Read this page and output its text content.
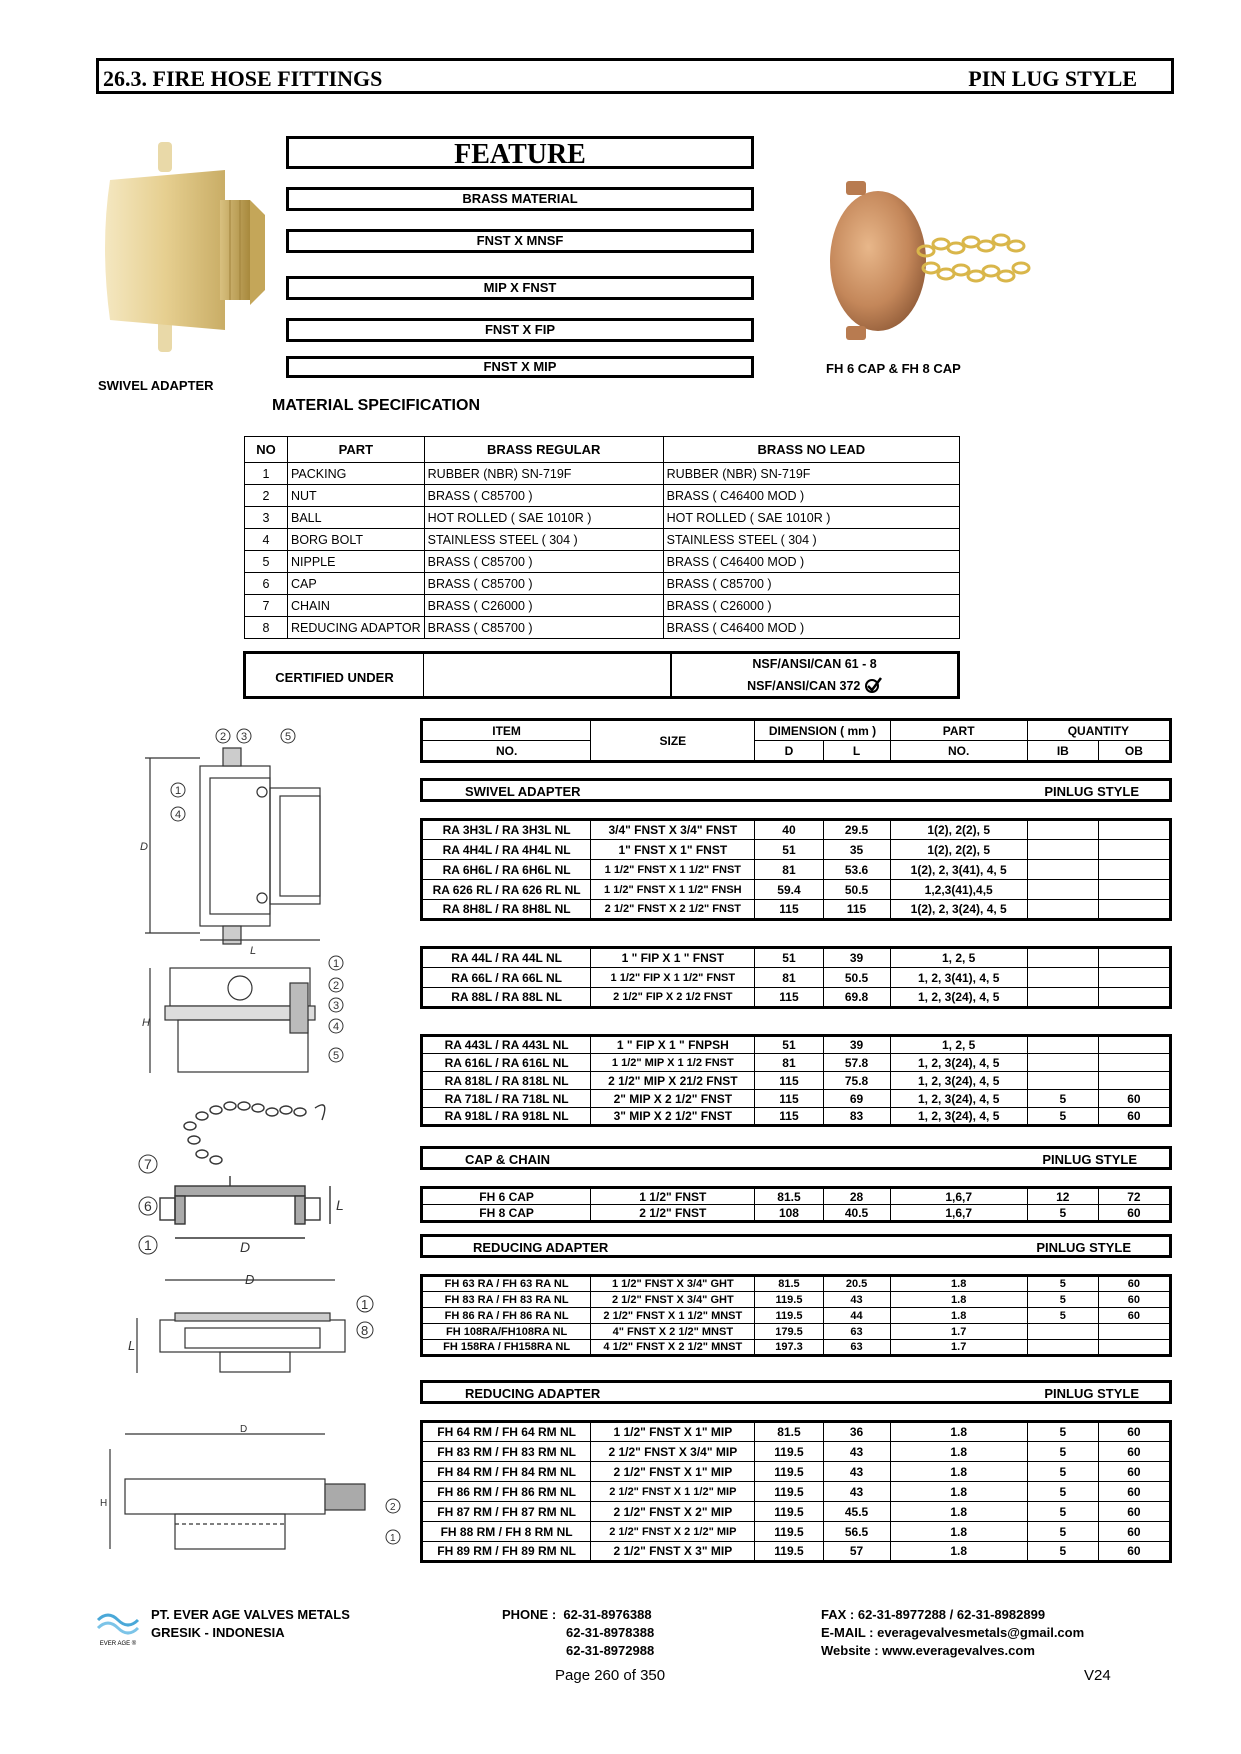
26.3. FIRE HOSE FITTINGS	PIN LUG STYLE
SWIVEL ADAPTER
FEATURE
BRASS MATERIAL
FNST X MNSF
MIP X FNST
FNST X FIP
FNST X MIP	FH 6 CAP & FH 8 CAP
MATERIAL SPECIFICATION
NO	PART	BRASS REGULAR	BRASS NO LEAD
1	PACKING	RUBBER (NBR) SN-719F	RUBBER (NBR) SN-719F
2	NUT	BRASS ( C85700 )	BRASS ( C46400 MOD )
3	BALL	HOT ROLLED ( SAE 1010R )	HOT ROLLED ( SAE 1010R )
4	BORG BOLT	STAINLESS STEEL ( 304 )	STAINLESS STEEL ( 304 )
5	NIPPLE	BRASS ( C85700 )	BRASS ( C46400 MOD )
6	CAP	BRASS ( C85700 )	BRASS ( C85700 )
7	CHAIN	BRASS ( C26000 )	BRASS ( C26000 )
8	REDUCING ADAPTOR	BRASS ( C85700 )	BRASS ( C46400 MOD )
CERTIFIED UNDER
NSF/ANSI/CAN 61 - 8
NSF/ANSI/CAN 372
ITEM	SIZE	DIMENSION ( mm )		PART	QUANTITY	
NO.		D	L	NO.	IB	OB
SWIVEL ADAPTER	PINLUG STYLE
CAP & CHAIN	PINLUG STYLE
REDUCING ADAPTER	PINLUG STYLE
REDUCING ADAPTER	PINLUG STYLE
RA 3H3L / RA 3H3L NL	3/4" FNST X 3/4" FNST	40	29.5	1(2), 2(2), 5		
RA 4H4L / RA 4H4L NL	1" FNST X 1" FNST	51	35	1(2), 2(2), 5		
RA 6H6L / RA 6H6L NL	1 1/2" FNST X 1 1/2" FNST	81	53.6	1(2), 2, 3(41), 4, 5		
RA 626 RL / RA 626 RL NL	1 1/2" FNST X 1 1/2" FNSH	59.4	50.5	1,2,3(41),4,5		
RA 8H8L / RA 8H8L NL	2 1/2" FNST X 2 1/2" FNST	115	115	1(2), 2, 3(24), 4, 5		
RA 44L / RA 44L NL	1 " FIP X 1 " FNST	51	39	1, 2, 5		
RA 66L / RA 66L NL	1 1/2" FIP X 1 1/2" FNST	81	50.5	1, 2, 3(41), 4, 5		
RA 88L / RA 88L NL	2 1/2" FIP X 2 1/2 FNST	115	69.8	1, 2, 3(24), 4, 5		
RA 443L / RA 443L NL	1 " FIP X 1 " FNPSH	51	39	1, 2, 5		
RA 616L / RA 616L NL	1 1/2" MIP X 1 1/2 FNST	81	57.8	1, 2, 3(24), 4, 5		
RA 818L / RA 818L NL	2 1/2" MIP X 21/2 FNST	115	75.8	1, 2, 3(24), 4, 5		
RA 718L / RA 718L NL	2" MIP X 2 1/2" FNST	115	69	1, 2, 3(24), 4, 5	5	60
RA 918L / RA 918L NL	3" MIP X 2 1/2" FNST	115	83	1, 2, 3(24), 4, 5	5	60
FH 6 CAP	1 1/2" FNST	81.5	28	1,6,7	12	72
FH 8 CAP	2 1/2" FNST	108	40.5	1,6,7	5	60
FH 63 RA / FH 63 RA NL	1 1/2" FNST X 3/4" GHT	81.5	20.5	1.8	5	60
FH 83 RA / FH 83 RA NL	2 1/2" FNST X 3/4" GHT	119.5	43	1.8	5	60
FH 86 RA / FH 86 RA NL	2 1/2" FNST X 1 1/2" MNST	119.5	44	1.8	5	60
FH 108RA/FH108RA NL	4" FNST X 2 1/2" MNST	179.5	63	1.7		
FH 158RA / FH158RA NL	4 1/2" FNST X 2 1/2" MNST	197.3	63	1.7		
FH 64 RM / FH 64 RM NL	1 1/2" FNST X 1" MIP	81.5	36	1.8	5	60
FH 83 RM / FH 83 RM NL	2 1/2" FNST X 3/4" MIP	119.5	43	1.8	5	60
FH 84 RM / FH 84 RM NL	2 1/2" FNST X 1" MIP	119.5	43	1.8	5	60
FH 86 RM / FH 86 RM NL	2 1/2" FNST X 1 1/2" MIP	119.5	43	1.8	5	60
FH 87 RM / FH 87 RM NL	2 1/2" FNST X 2" MIP	119.5	45.5	1.8	5	60
FH 88 RM / FH 8 RM NL	2 1/2" FNST X 2 1/2" MIP	119.5	56.5	1.8	5	60
FH 89 RM / FH 89 RM NL	2 1/2" FNST X 3" MIP	119.5	57	1.8	5	60
2 3	5
1
4
D
L
H
1
2
3
4
5
7
6
1	D
L
D
L
1
8
D
H	2
1
EVER AGE ®
PT. EVER AGE VALVES METALS
GRESIK - INDONESIA
PHONE : 62-31-8976388
62-31-8978388
62-31-8972988
FAX : 62-31-8977288 / 62-31-8982899
E-MAIL : everagevalvesmetals@gmail.com
Website : www.everagevalves.com
Page 260 of 350	V24
